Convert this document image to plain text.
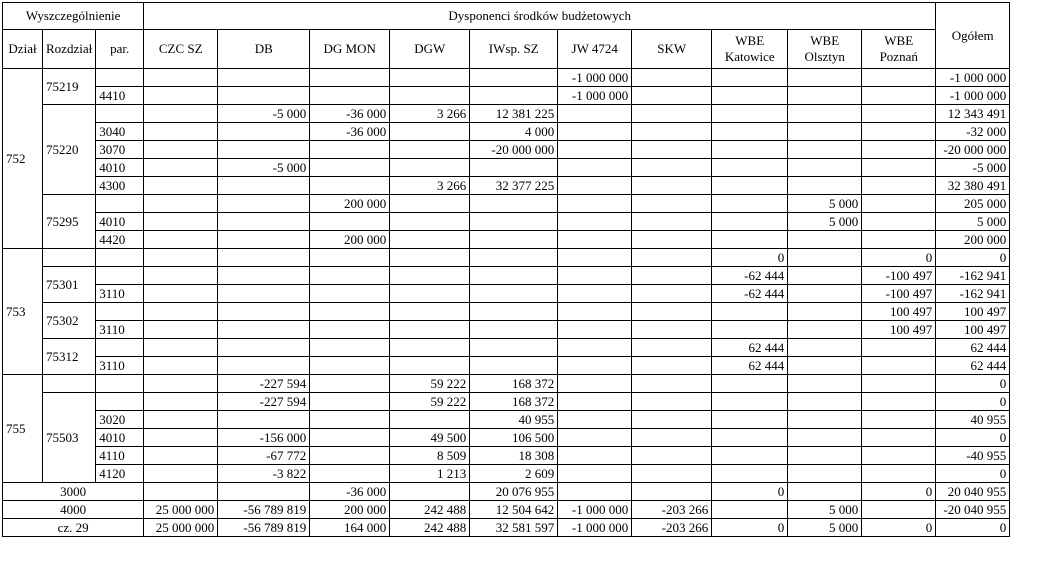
Wyszczególnienie			Dysponenci środków budżetowych										Ogółem
Dział	Rozdział	par.	CZC SZ	DB	DG MON	DGW	IWsp. SZ	JW 4724	SKW	WBE Katowice	WBE Olsztyn	WBE Poznań	
752	75219							-1 000 000					-1 000 000
		4410						-1 000 000					-1 000 000
	75220			-5 000	-36 000	3 266	12 381 225						12 343 491
		3040			-36 000		4 000						-32 000
		3070					-20 000 000						-20 000 000
		4010		-5 000									-5 000
		4300				3 266	32 377 225						32 380 491
	75295				200 000						5 000		205 000
		4010									5 000		5 000
		4420			200 000								200 000
753										0		0	0
	75301									-62 444		-100 497	-162 941
		3110								-62 444		-100 497	-162 941
	75302											100 497	100 497
		3110										100 497	100 497
	75312									62 444			62 444
		3110								62 444			62 444
755				-227 594		59 222	168 372						0
	75503			-227 594		59 222	168 372						0
		3020					40 955						40 955
		4010		-156 000		49 500	106 500						0
		4110		-67 772		8 509	18 308						-40 955
		4120		-3 822		1 213	2 609						0
3000					-36 000		20 076 955			0		0	20 040 955
4000			25 000 000	-56 789 819	200 000	242 488	12 504 642	-1 000 000	-203 266		5 000		-20 040 955
cz. 29			25 000 000	-56 789 819	164 000	242 488	32 581 597	-1 000 000	-203 266	0	5 000	0	0
